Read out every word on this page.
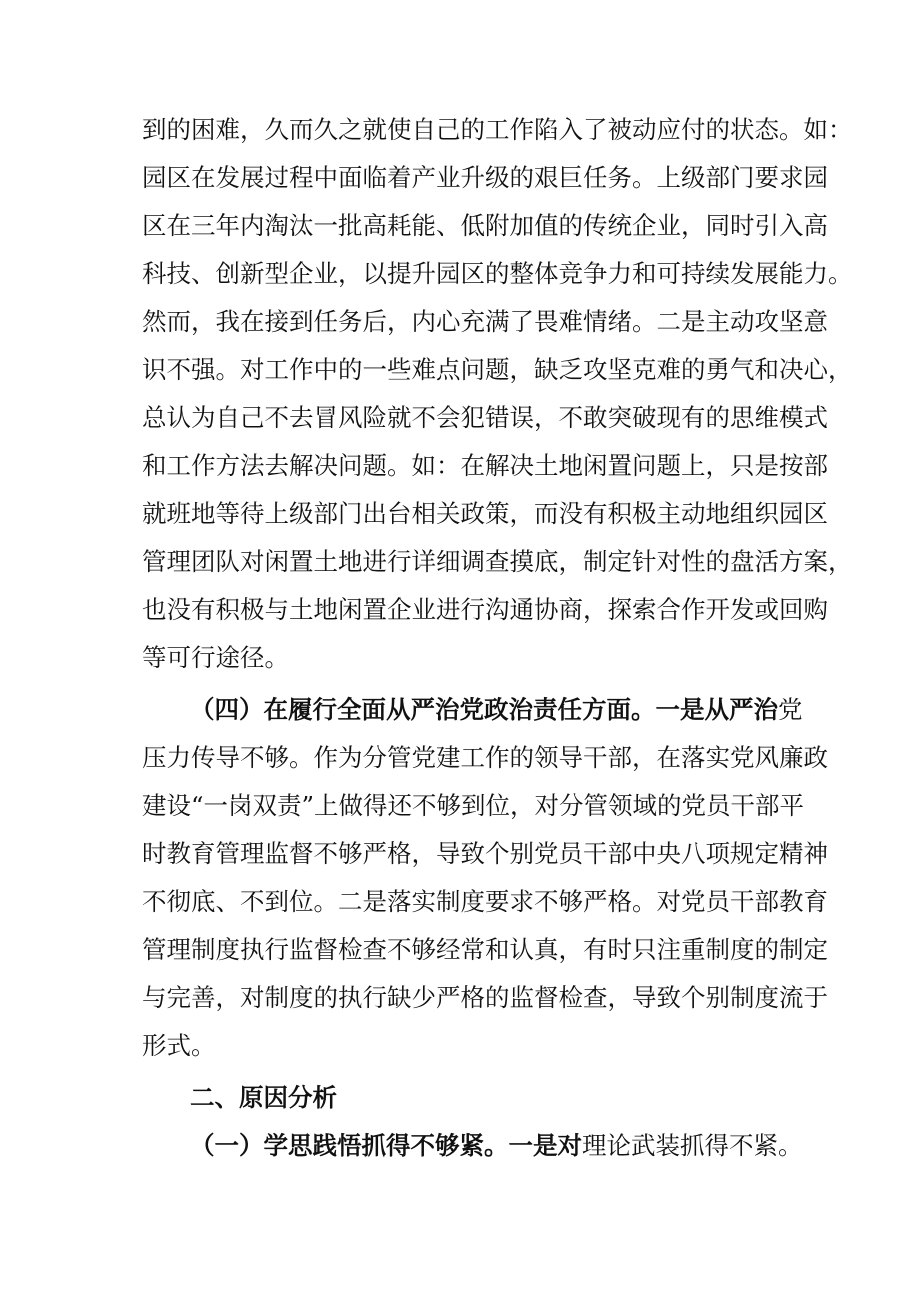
到的困难，久而久之就使自己的工作陷入了被动应付的状态。如：
园区在发展过程中面临着产业升级的艰巨任务。上级部门要求园
区在三年内淘汰一批高耗能、低附加值的传统企业，同时引入高
科技、创新型企业，以提升园区的整体竞争力和可持续发展能力。
然而，我在接到任务后，内心充满了畏难情绪。二是主动攻坚意
识不强。对工作中的一些难点问题，缺乏攻坚克难的勇气和决心，
总认为自己不去冒风险就不会犯错误，不敢突破现有的思维模式
和工作方法去解决问题。如：在解决土地闲置问题上，只是按部
就班地等待上级部门出台相关政策，而没有积极主动地组织园区
管理团队对闲置土地进行详细调查摸底，制定针对性的盘活方案，
也没有积极与土地闲置企业进行沟通协商，探索合作开发或回购
等可行途径。
（四）在履行全面从严治党政治责任方面。一是从严治党
压力传导不够。作为分管党建工作的领导干部，在落实党风廉政
建设“一岗双责”上做得还不够到位，对分管领域的党员干部平
时教育管理监督不够严格，导致个别党员干部中央八项规定精神
不彻底、不到位。二是落实制度要求不够严格。对党员干部教育
管理制度执行监督检查不够经常和认真，有时只注重制度的制定
与完善，对制度的执行缺少严格的监督检查，导致个别制度流于
形式。
二、原因分析
（一）学思践悟抓得不够紧。一是对理论武装抓得不紧。
